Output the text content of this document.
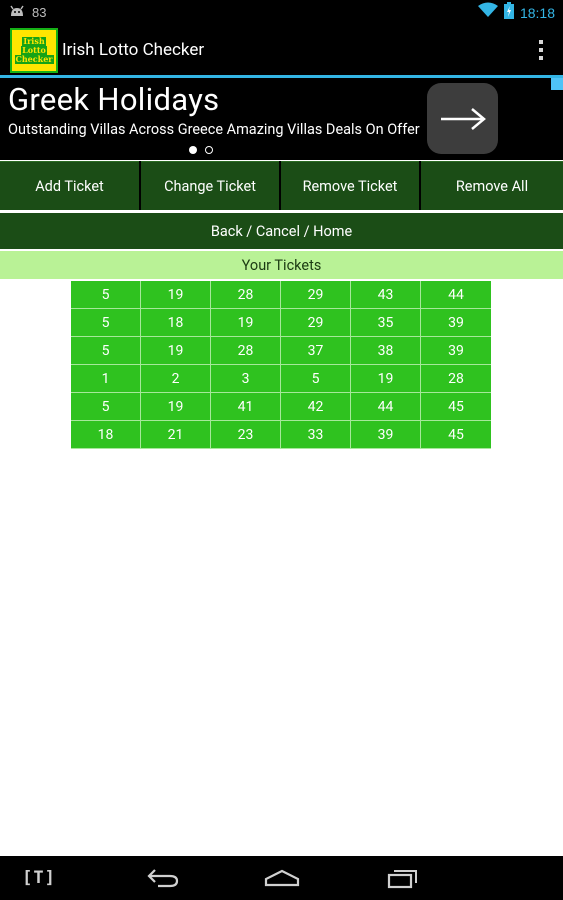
83	18:18
Irish
Lotto
Checker Irish Lotto Checker
Greek Holidays
Outstanding Villas Across Greece Amazing Villas Deals On Offer
Add Ticket	Change Ticket	Remove Ticket	Remove All
Back / Cancel / Home
Your Tickets
5	19	28	29	43	44
5	18	19	29	35	39
5	19	28	37	38	39
1	2	3	5	19	28
5	19	41	42	44	45
18	21	23	33	39	45
[T]
